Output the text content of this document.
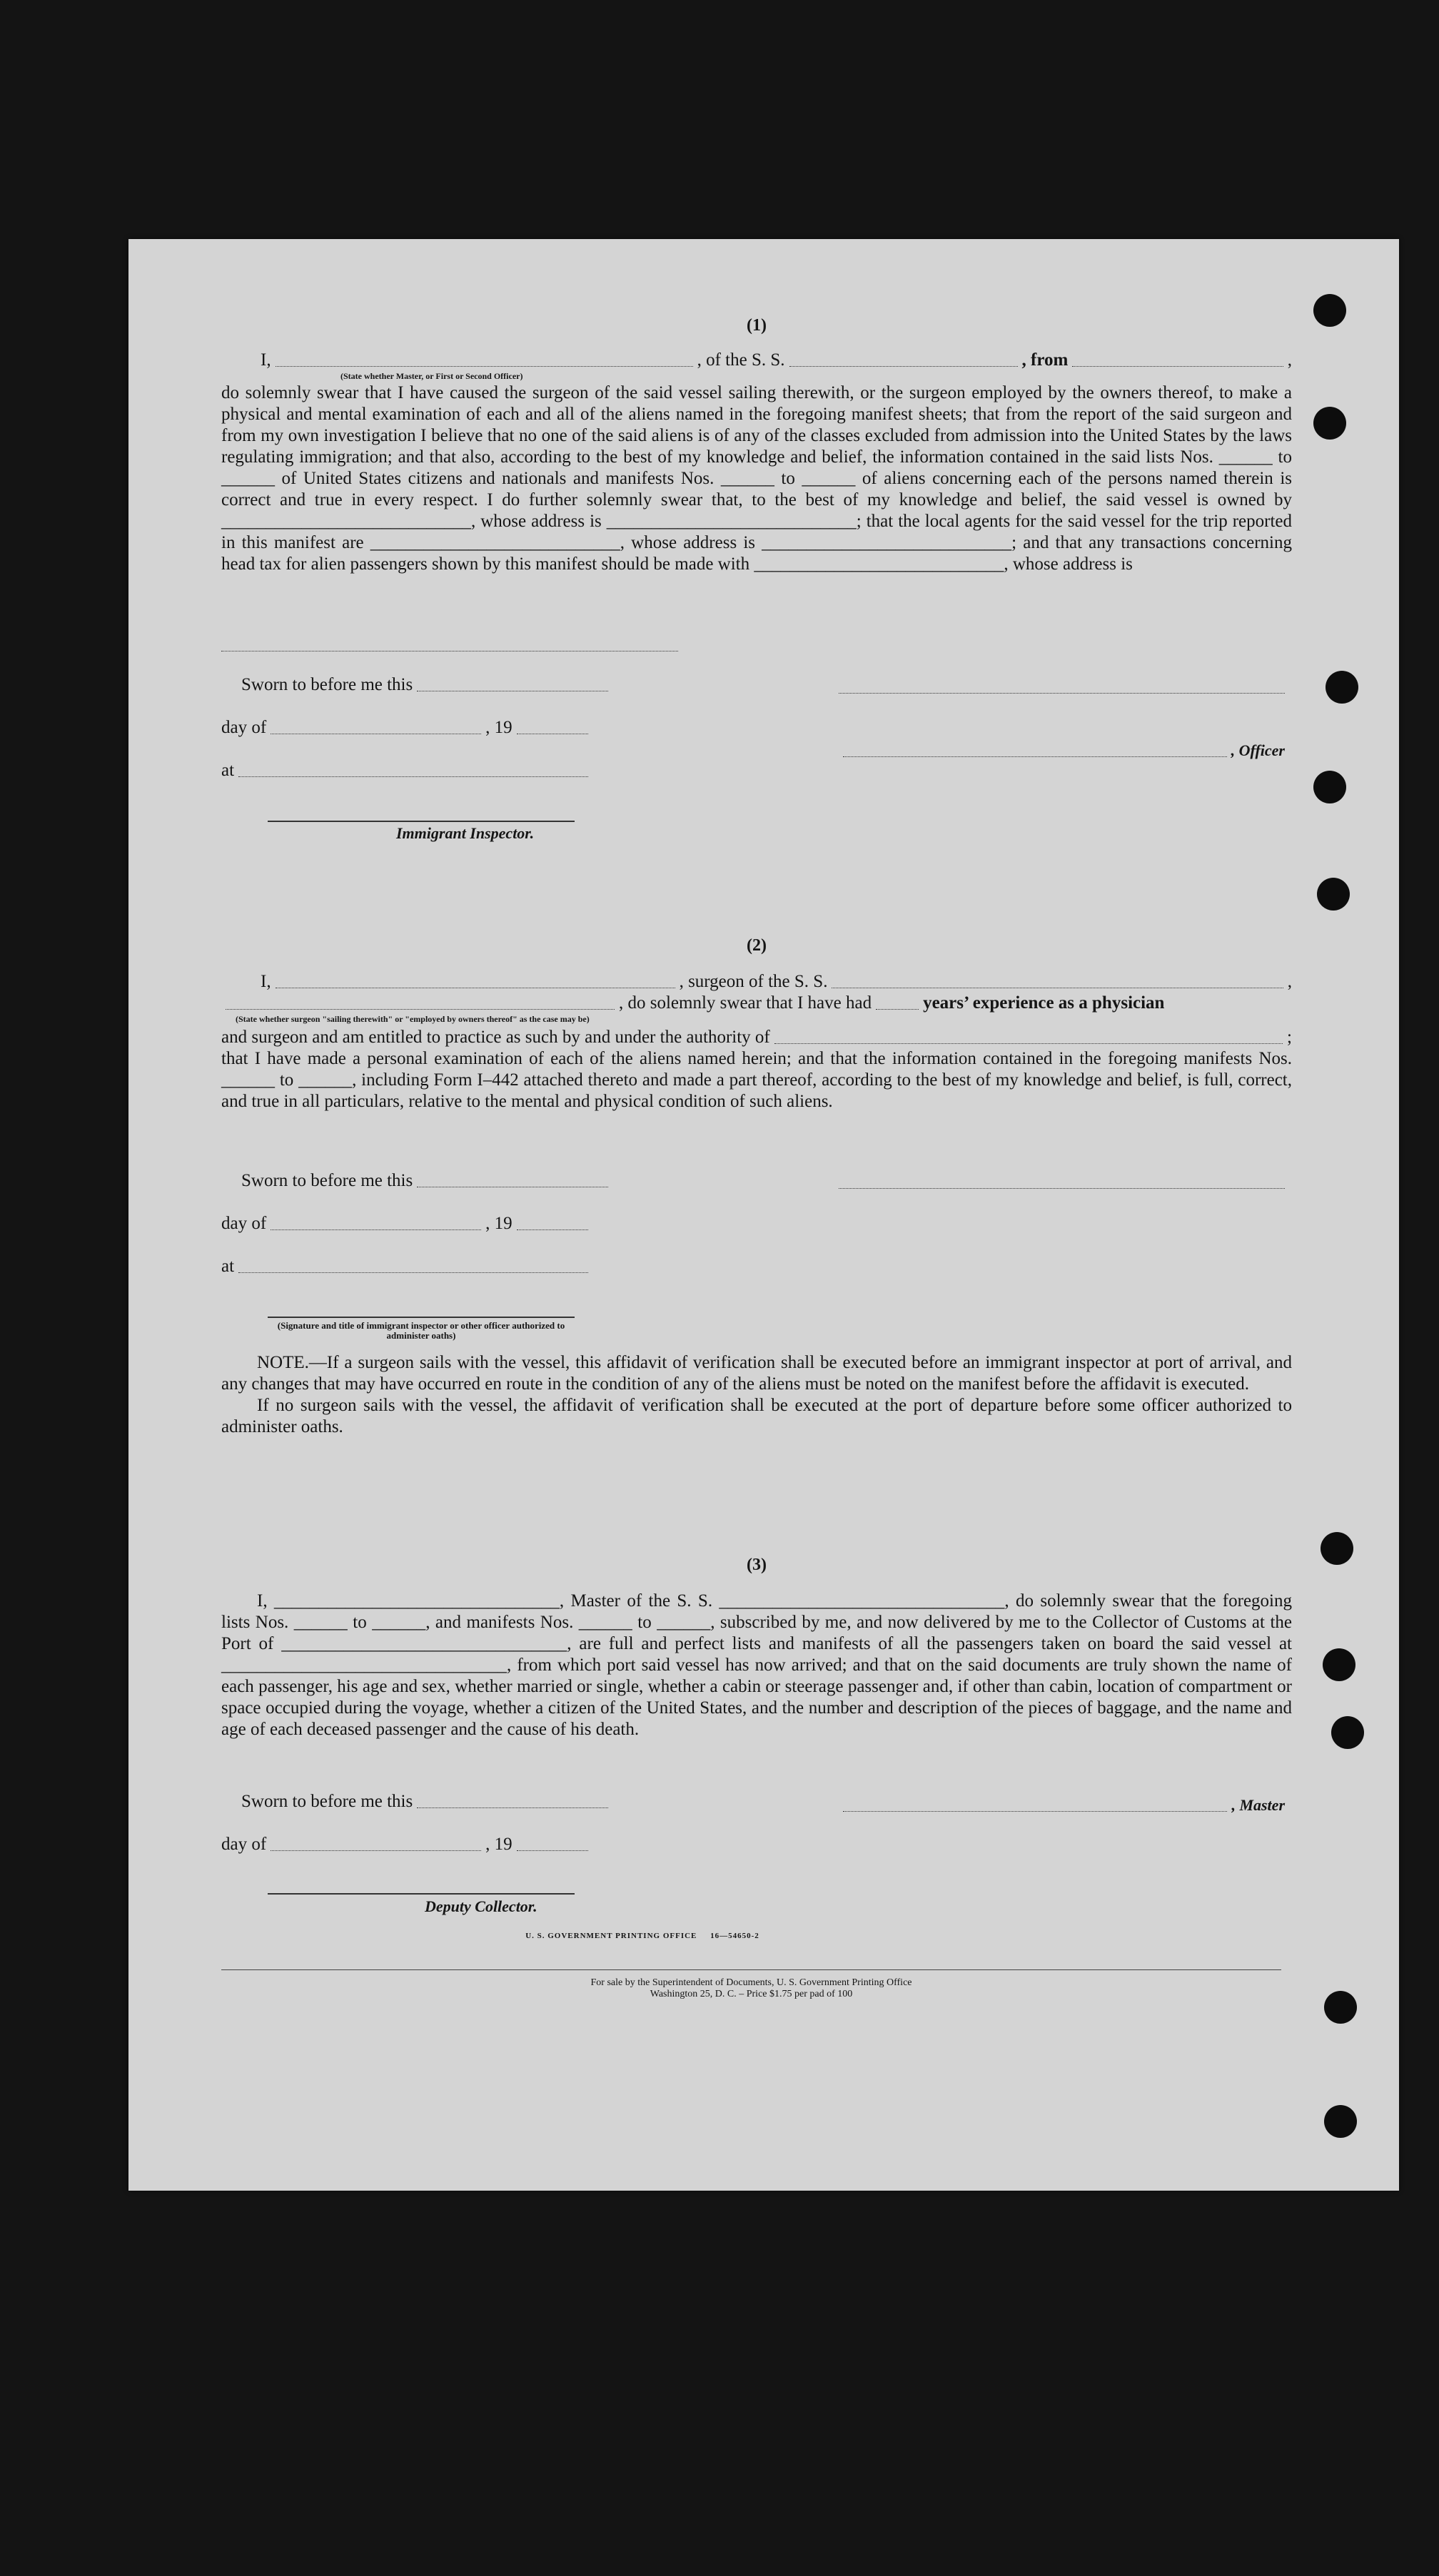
(1)
I,	, of the S. S.	, from	,
(State whether Master, or First or Second Officer)

do solemnly swear that I have caused the surgeon of the said vessel sailing therewith, or the surgeon employed by the owners thereof, to make a physical and mental examination of each and all of the aliens named in the foregoing manifest sheets; that from the report of the said surgeon and from my own investigation I believe that no one of the said aliens is of any of the classes excluded from admission into the United States by the laws regulating immigration; and that also, according to the best of my knowledge and belief, the information contained in the said lists Nos. ______ to ______ of United States citizens and nationals and manifests Nos. ______ to ______ of aliens concerning each of the persons named therein is correct and true in every respect. I do further solemnly swear that, to the best of my knowledge and belief, the said vessel is owned by ____________________________, whose address is ____________________________; that the local agents for the said vessel for the trip reported in this manifest are ____________________________, whose address is ____________________________; and that any transactions concerning head tax for alien passengers shown by this manifest should be made with ____________________________, whose address is

Sworn to before me this
day of	, 19
at
Immigrant Inspector.
, Officer
(2)
I,	, surgeon of the S. S.	,
, do solemnly swear that I have had	years’ experience as a physician
(State whether surgeon "sailing therewith" or "employed by owners thereof" as the case may be)
and surgeon and am entitled to practice as such by and under the authority of	;

that I have made a personal examination of each of the aliens named herein; and that the information contained in the foregoing manifests Nos. ______ to ______, including Form I–442 attached thereto and made a part thereof, according to the best of my knowledge and belief, is full, correct, and true in all particulars, relative to the mental and physical condition of such aliens.

Sworn to before me this
day of	, 19
at
(Signature and title of immigrant inspector or other officer authorized to administer oaths)

NOTE.—If a surgeon sails with the vessel, this affidavit of verification shall be executed before an immigrant inspector at port of arrival, and any changes that may have occurred en route in the condition of any of the aliens must be noted on the manifest before the affidavit is executed.

If no surgeon sails with the vessel, the affidavit of verification shall be executed at the port of departure before some officer authorized to administer oaths.

(3)

I, ________________________________, Master of the S. S. ________________________________, do solemnly swear that the foregoing lists Nos. ______ to ______, and manifests Nos. ______ to ______, subscribed by me, and now delivered by me to the Collector of Customs at the Port of ________________________________, are full and perfect lists and manifests of all the passengers taken on board the said vessel at ________________________________, from which port said vessel has now arrived; and that on the said documents are truly shown the name of each passenger, his age and sex, whether married or single, whether a cabin or steerage passenger and, if other than cabin, location of compartment or space occupied during the voyage, whether a citizen of the United States, and the number and description of the pieces of baggage, and the name and age of each deceased passenger and the cause of his death.

Sworn to before me this
day of	, 19
, Master
Deputy Collector.
U. S. GOVERNMENT PRINTING OFFICE     16—54650-2
For sale by the Superintendent of Documents, U. S. Government Printing Office
Washington 25, D. C. – Price $1.75 per pad of 100
